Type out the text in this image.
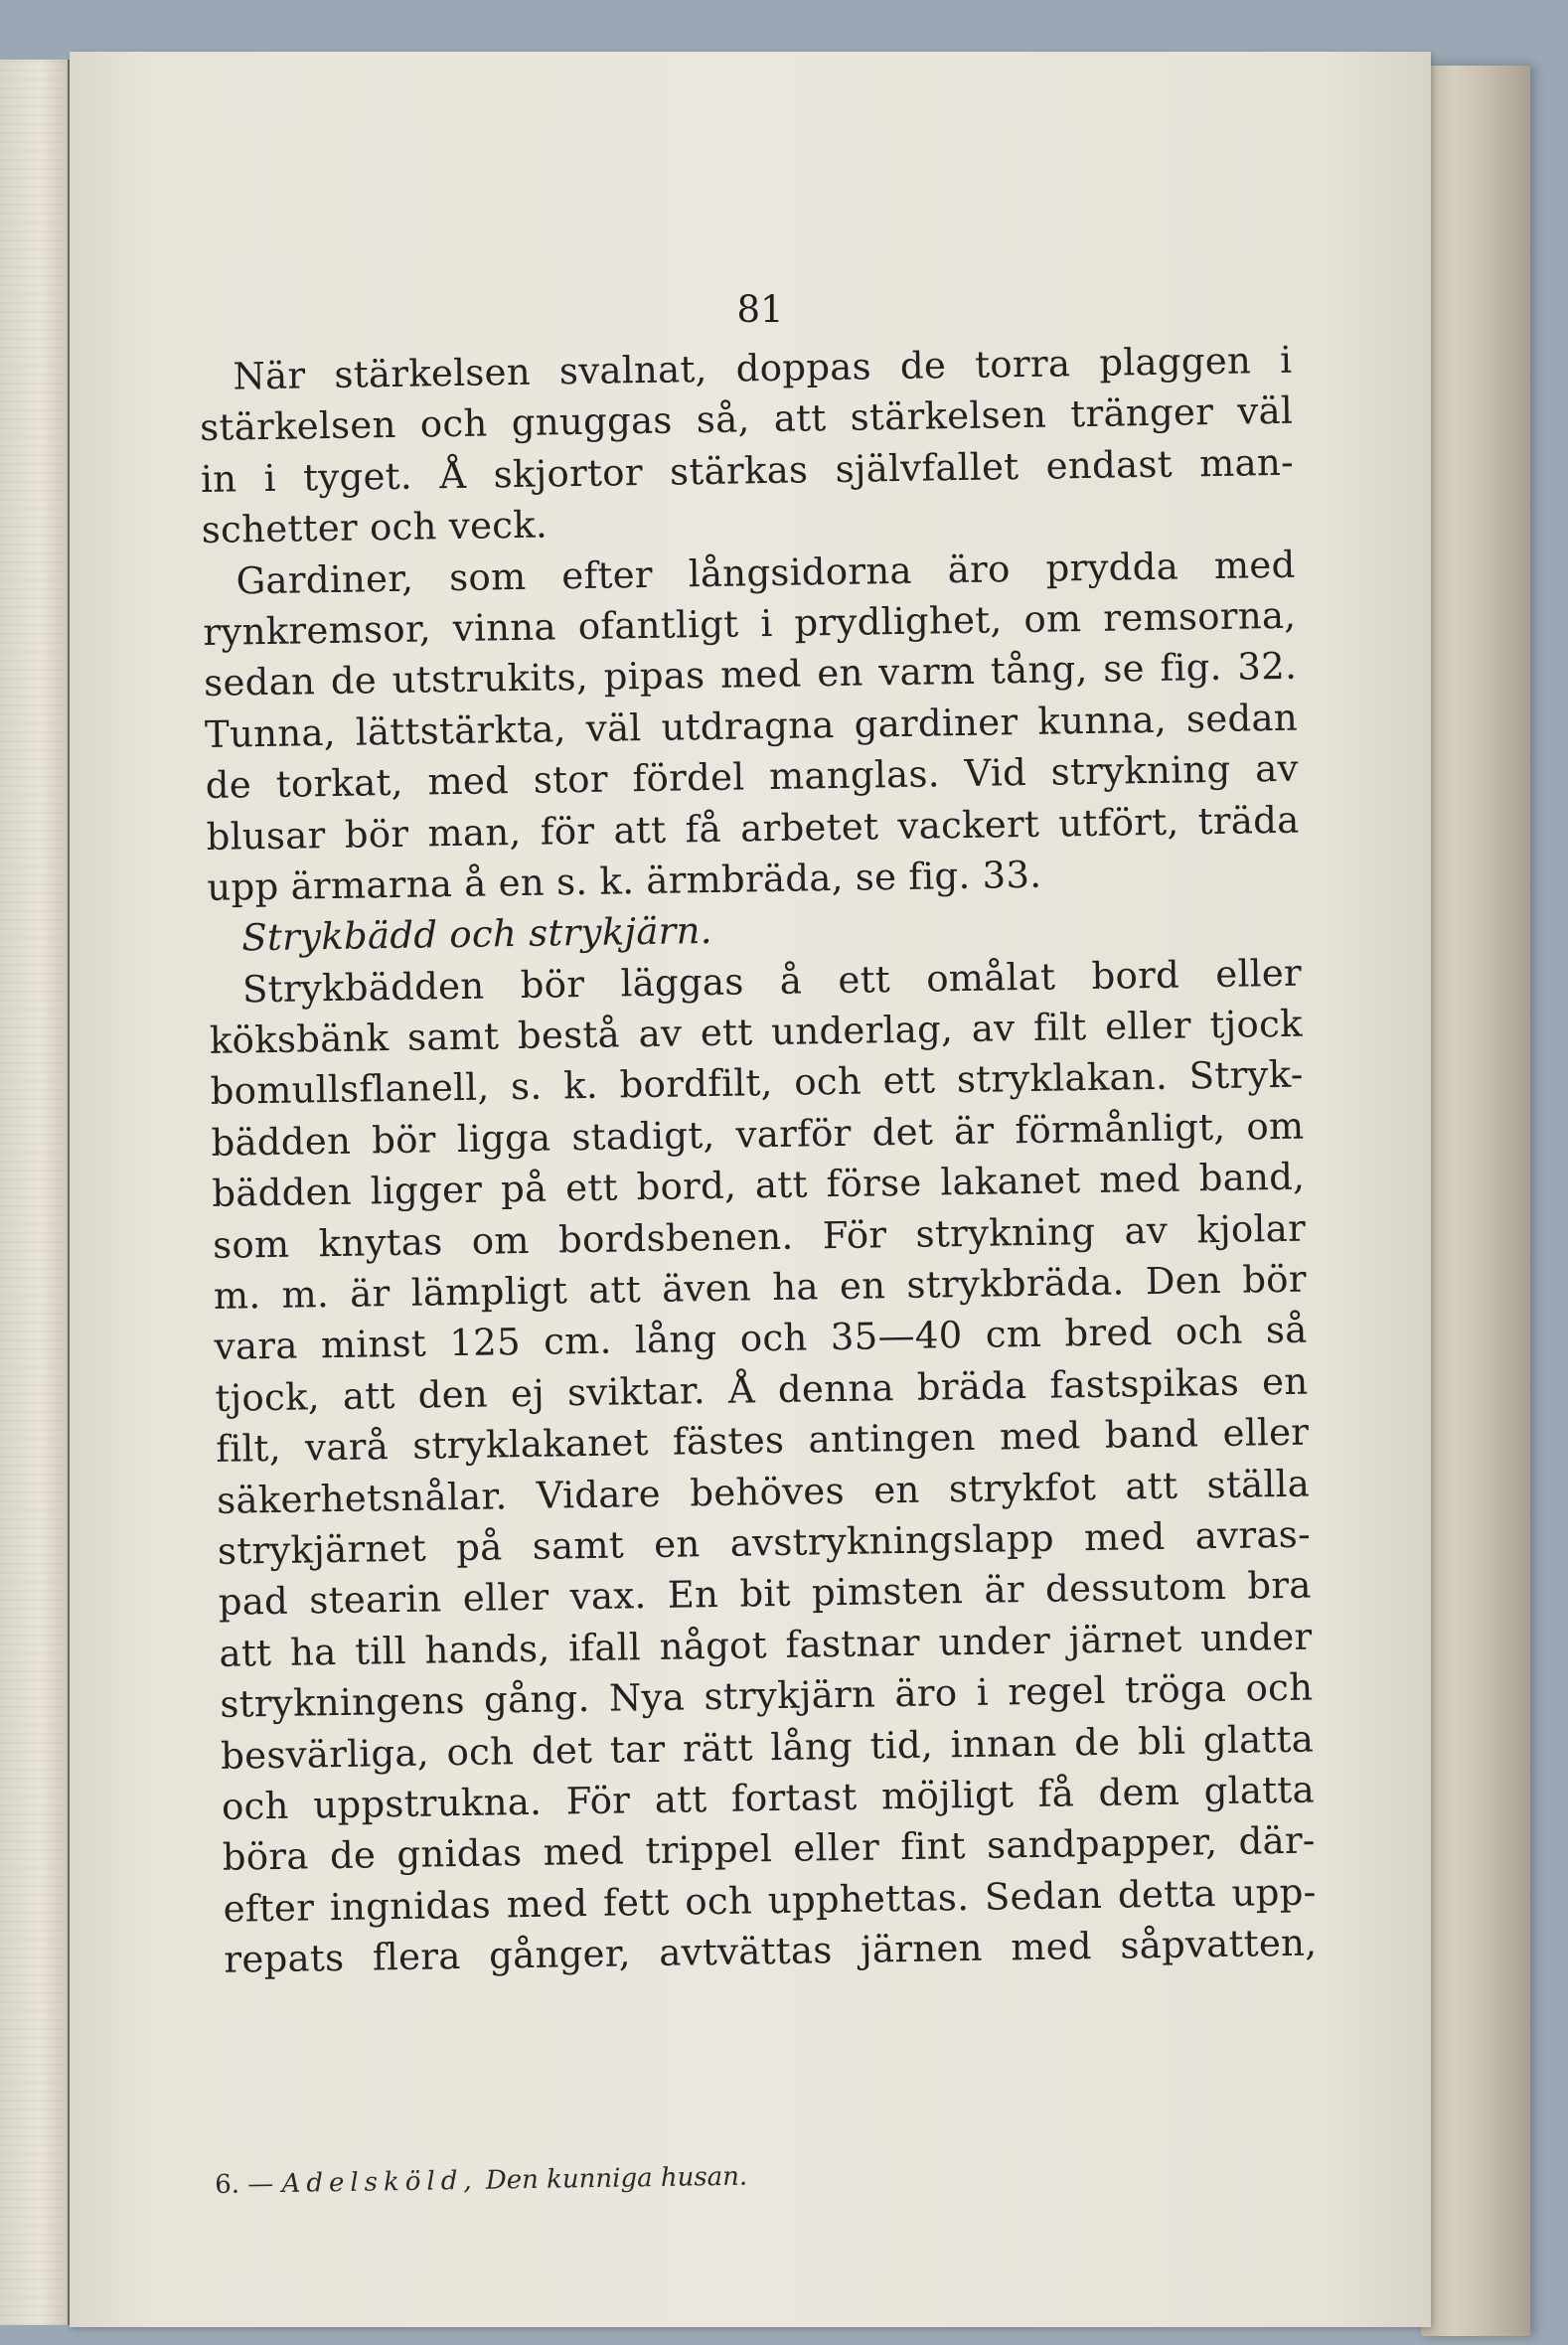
81
När stärkelsen svalnat, doppas de torra plaggen i
stärkelsen och gnuggas så, att stärkelsen tränger väl
in i tyget. Å skjortor stärkas självfallet endast man-
schetter och veck.
Gardiner, som efter långsidorna äro prydda med
rynkremsor, vinna ofantligt i prydlighet, om remsorna,
sedan de utstrukits, pipas med en varm tång, se fig. 32.
Tunna, lättstärkta, väl utdragna gardiner kunna, sedan
de torkat, med stor fördel manglas. Vid strykning av
blusar bör man, för att få arbetet vackert utfört, träda
upp ärmarna å en s. k. ärmbräda, se fig. 33.
Strykbädd och strykjärn.
Strykbädden bör läggas å ett omålat bord eller
köksbänk samt bestå av ett underlag, av filt eller tjock
bomullsflanell, s. k. bordfilt, och ett stryklakan. Stryk-
bädden bör ligga stadigt, varför det är förmånligt, om
bädden ligger på ett bord, att förse lakanet med band,
som knytas om bordsbenen. För strykning av kjolar
m. m. är lämpligt att även ha en strykbräda. Den bör
vara minst 125 cm. lång och 35—40 cm bred och så
tjock, att den ej sviktar. Å denna bräda fastspikas en
filt, varå stryklakanet fästes antingen med band eller
säkerhetsnålar. Vidare behöves en strykfot att ställa
strykjärnet på samt en avstrykningslapp med avras-
pad stearin eller vax. En bit pimsten är dessutom bra
att ha till hands, ifall något fastnar under järnet under
strykningens gång. Nya strykjärn äro i regel tröga och
besvärliga, och det tar rätt lång tid, innan de bli glatta
och uppstrukna. För att fortast möjligt få dem glatta
böra de gnidas med trippel eller fint sandpapper, där-
efter ingnidas med fett och upphettas. Sedan detta upp-
repats flera gånger, avtvättas järnen med såpvatten,
6. — Adelsköld, Den kunniga husan.
